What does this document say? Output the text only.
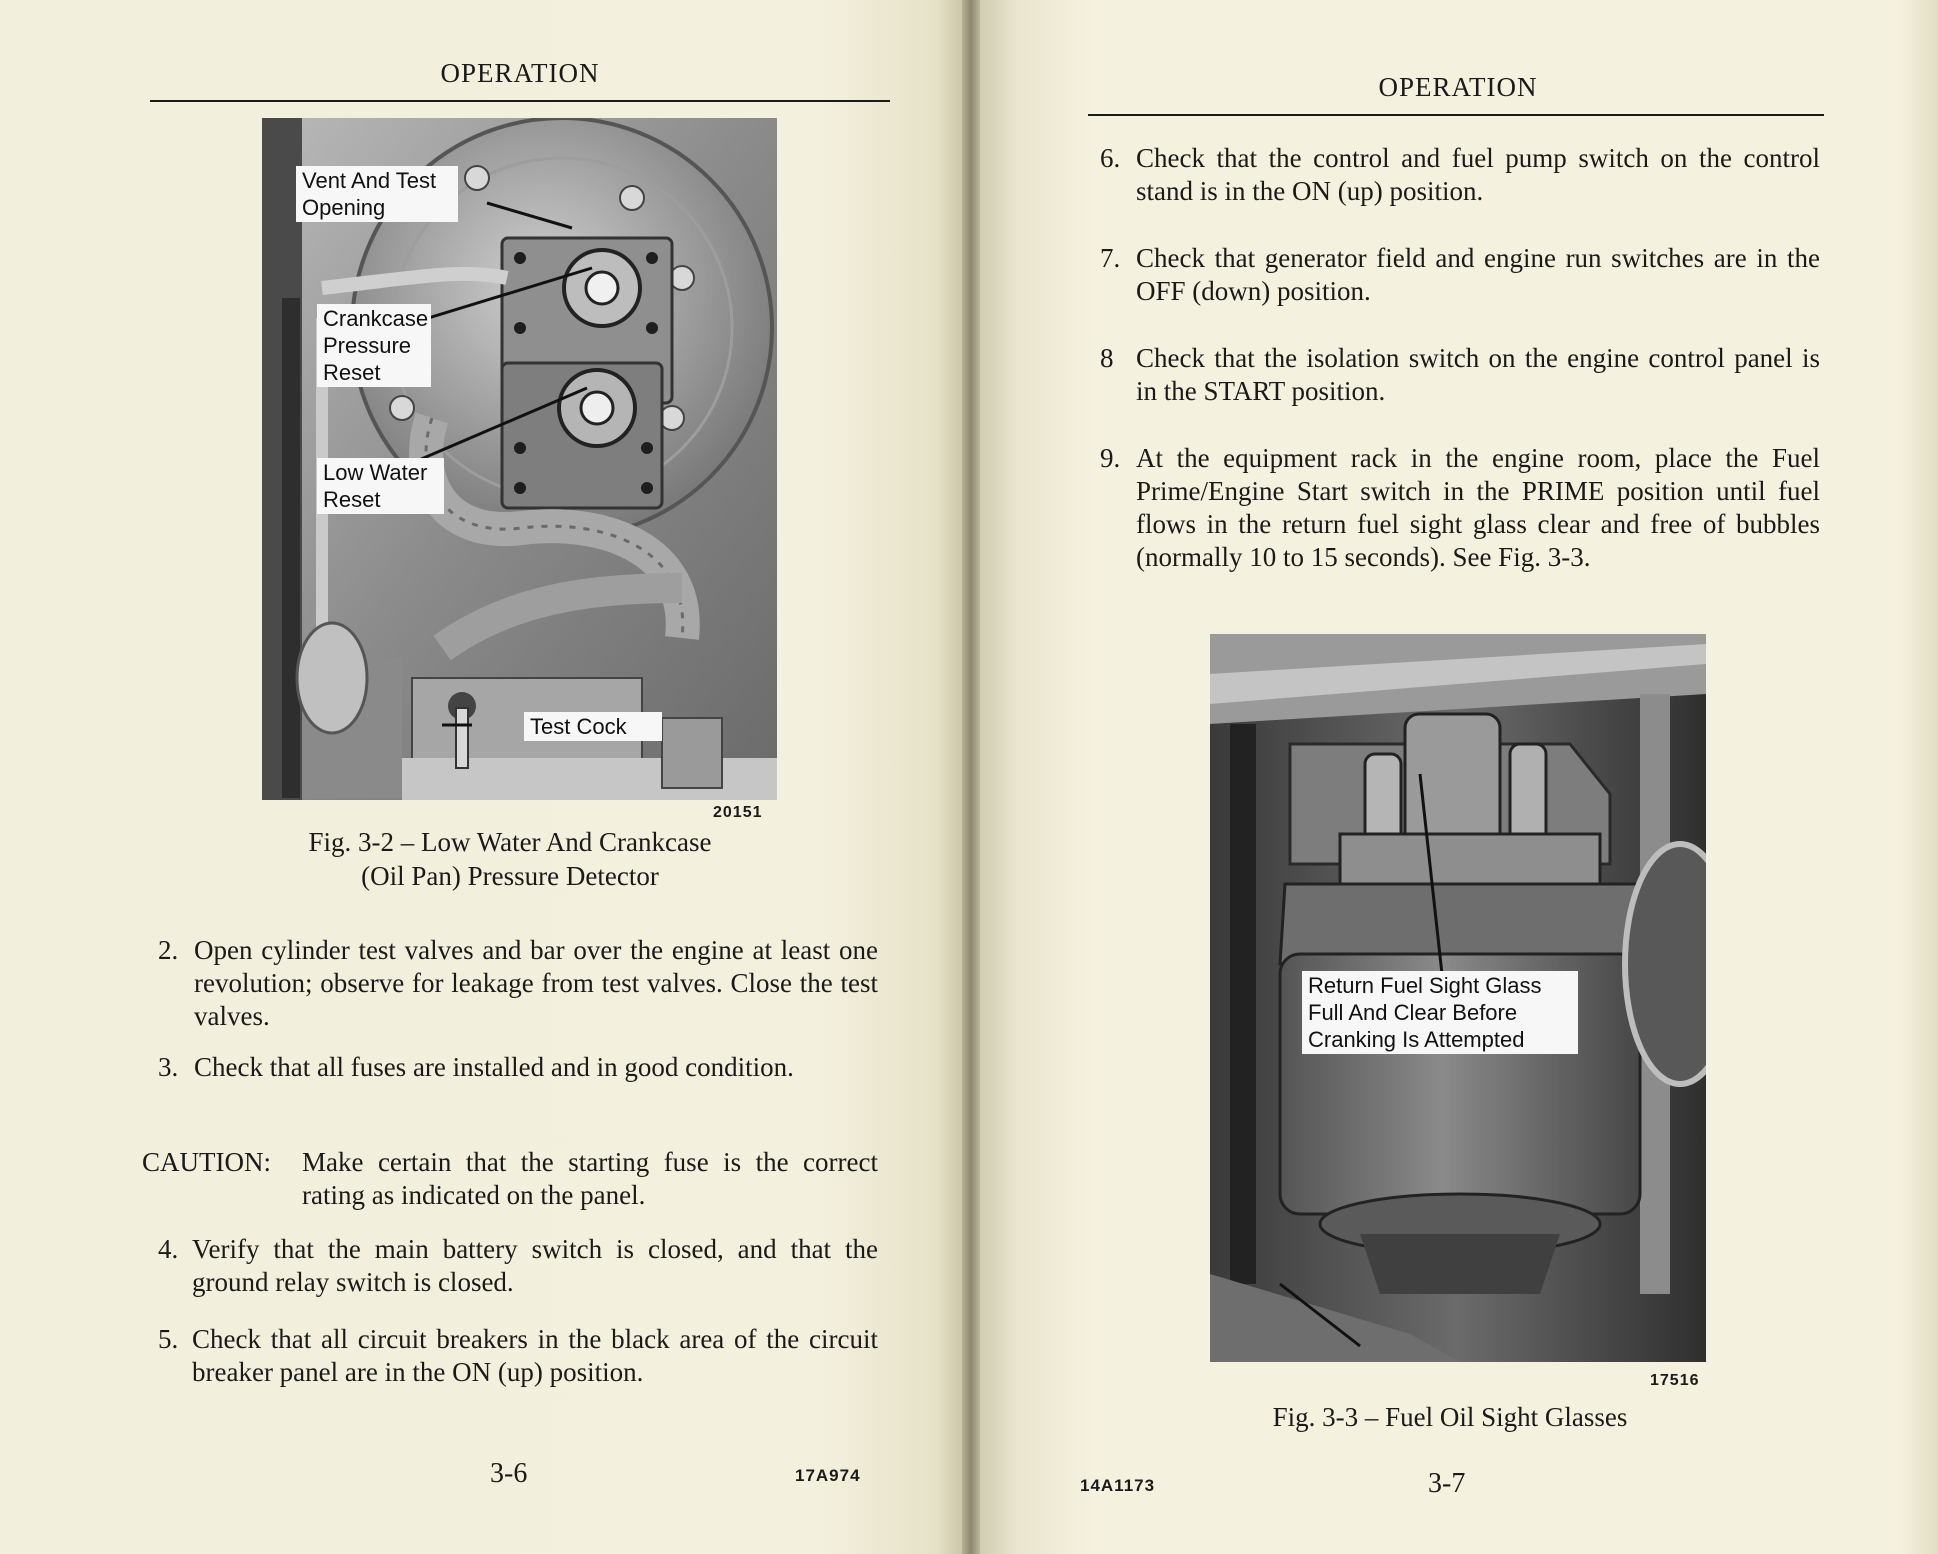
OPERATION
Vent And Test
Opening
Crankcase
Pressure
Reset
Low Water
Reset
Test Cock
20151
Fig. 3-2 – Low Water And Crankcase
(Oil Pan) Pressure Detector
2. Open cylinder test valves and bar over the engine at least one revolution; observe for leakage from test valves. Close the test valves.
3. Check that all fuses are installed and in good condition.
CAUTION: Make certain that the starting fuse is the correct rating as indicated on the panel.
4. Verify that the main battery switch is closed, and that the ground relay switch is closed.
5. Check that all circuit breakers in the black area of the circuit breaker panel are in the ON (up) position.
3-6	17A974
OPERATION
6. Check that the control and fuel pump switch on the control stand is in the ON (up) position.
7. Check that generator field and engine run switches are in the OFF (down) position.
8 Check that the isolation switch on the engine control panel is in the START position.
9. At the equipment rack in the engine room, place the Fuel Prime/Engine Start switch in the PRIME position until fuel flows in the return fuel sight glass clear and free of bubbles (normally 10 to 15 seconds). See Fig. 3-3.
Return Fuel Sight Glass
Full And Clear Before
Cranking Is Attempted
17516
Fig. 3-3 – Fuel Oil Sight Glasses
14A1173	3-7
